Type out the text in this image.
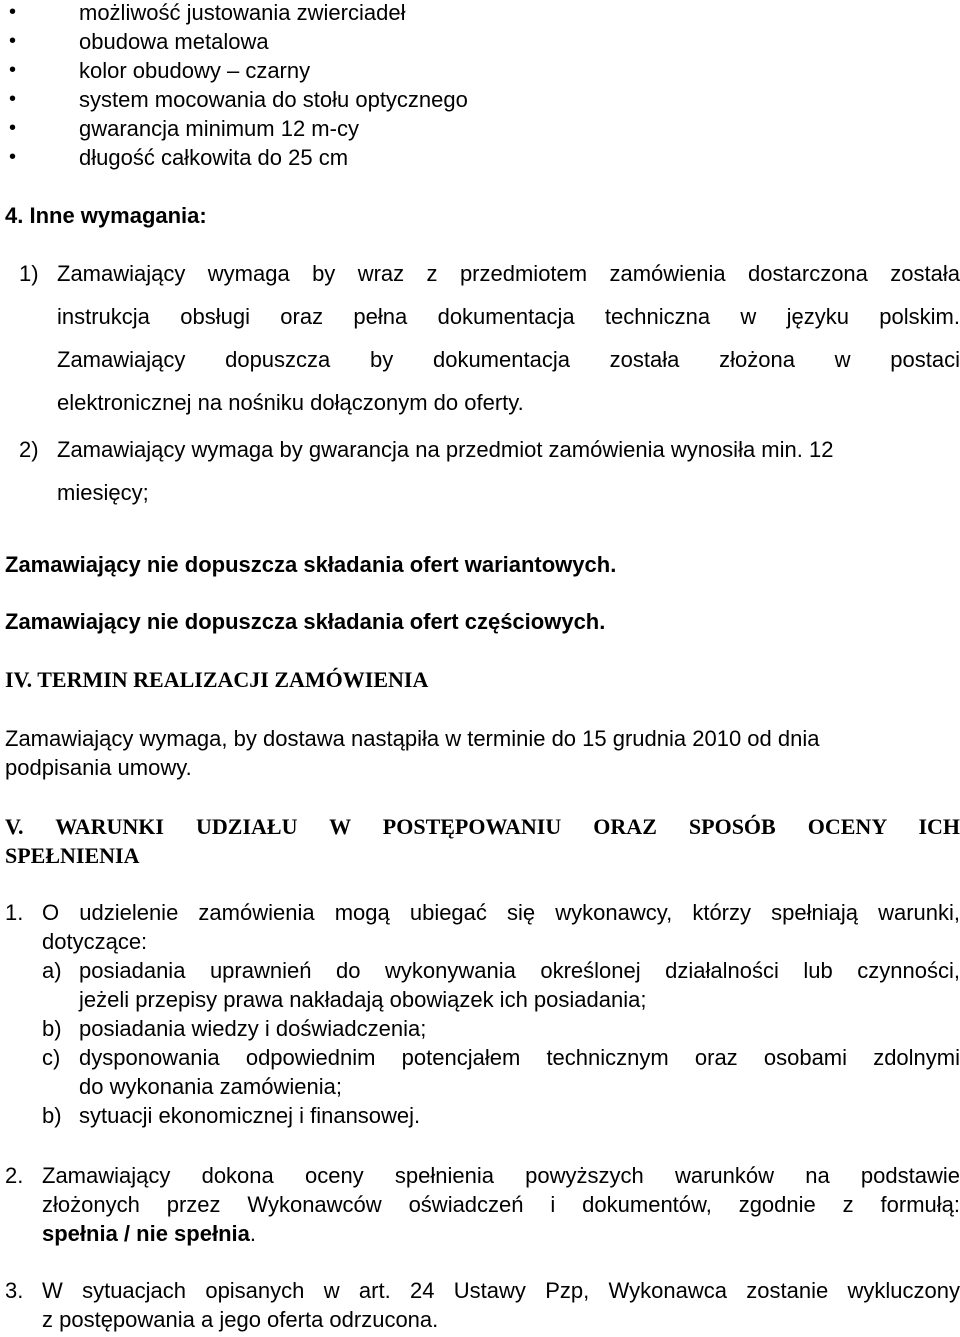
•	możliwość justowania zwierciadeł
•	obudowa metalowa
•	kolor obudowy – czarny
•	system mocowania do stołu optycznego
•	gwarancja minimum 12 m-cy
•	długość całkowita do 25 cm
4. Inne wymagania:
1) Zamawiający wymaga by wraz z przedmiotem zamówienia dostarczona została
instrukcja obsługi oraz pełna dokumentacja techniczna w języku polskim.
Zamawiający dopuszcza by dokumentacja została złożona w postaci
elektronicznej na nośniku dołączonym do oferty.
2) Zamawiający wymaga by gwarancja na przedmiot zamówienia wynosiła min. 12
miesięcy;
Zamawiający nie dopuszcza składania ofert wariantowych.
Zamawiający nie dopuszcza składania ofert częściowych.
IV. TERMIN REALIZACJI ZAMÓWIENIA
Zamawiający wymaga, by dostawa nastąpiła w terminie do 15 grudnia 2010 od dnia
podpisania umowy.
V. WARUNKI UDZIAŁU W POSTĘPOWANIU ORAZ SPOSÓB OCENY ICH
SPEŁNIENIA
1. O udzielenie zamówienia mogą ubiegać się wykonawcy, którzy spełniają warunki,
dotyczące:
a) posiadania uprawnień do wykonywania określonej działalności lub czynności,
jeżeli przepisy prawa nakładają obowiązek ich posiadania;
b) posiadania wiedzy i doświadczenia;
c) dysponowania odpowiednim potencjałem technicznym oraz osobami zdolnymi
do wykonania zamówienia;
b) sytuacji ekonomicznej i finansowej.
2. Zamawiający dokona oceny spełnienia powyższych warunków na podstawie
złożonych przez Wykonawców oświadczeń i dokumentów, zgodnie z formułą:
spełnia / nie spełnia.
3. W sytuacjach opisanych w art. 24 Ustawy Pzp, Wykonawca zostanie wykluczony
z postępowania a jego oferta odrzucona.
